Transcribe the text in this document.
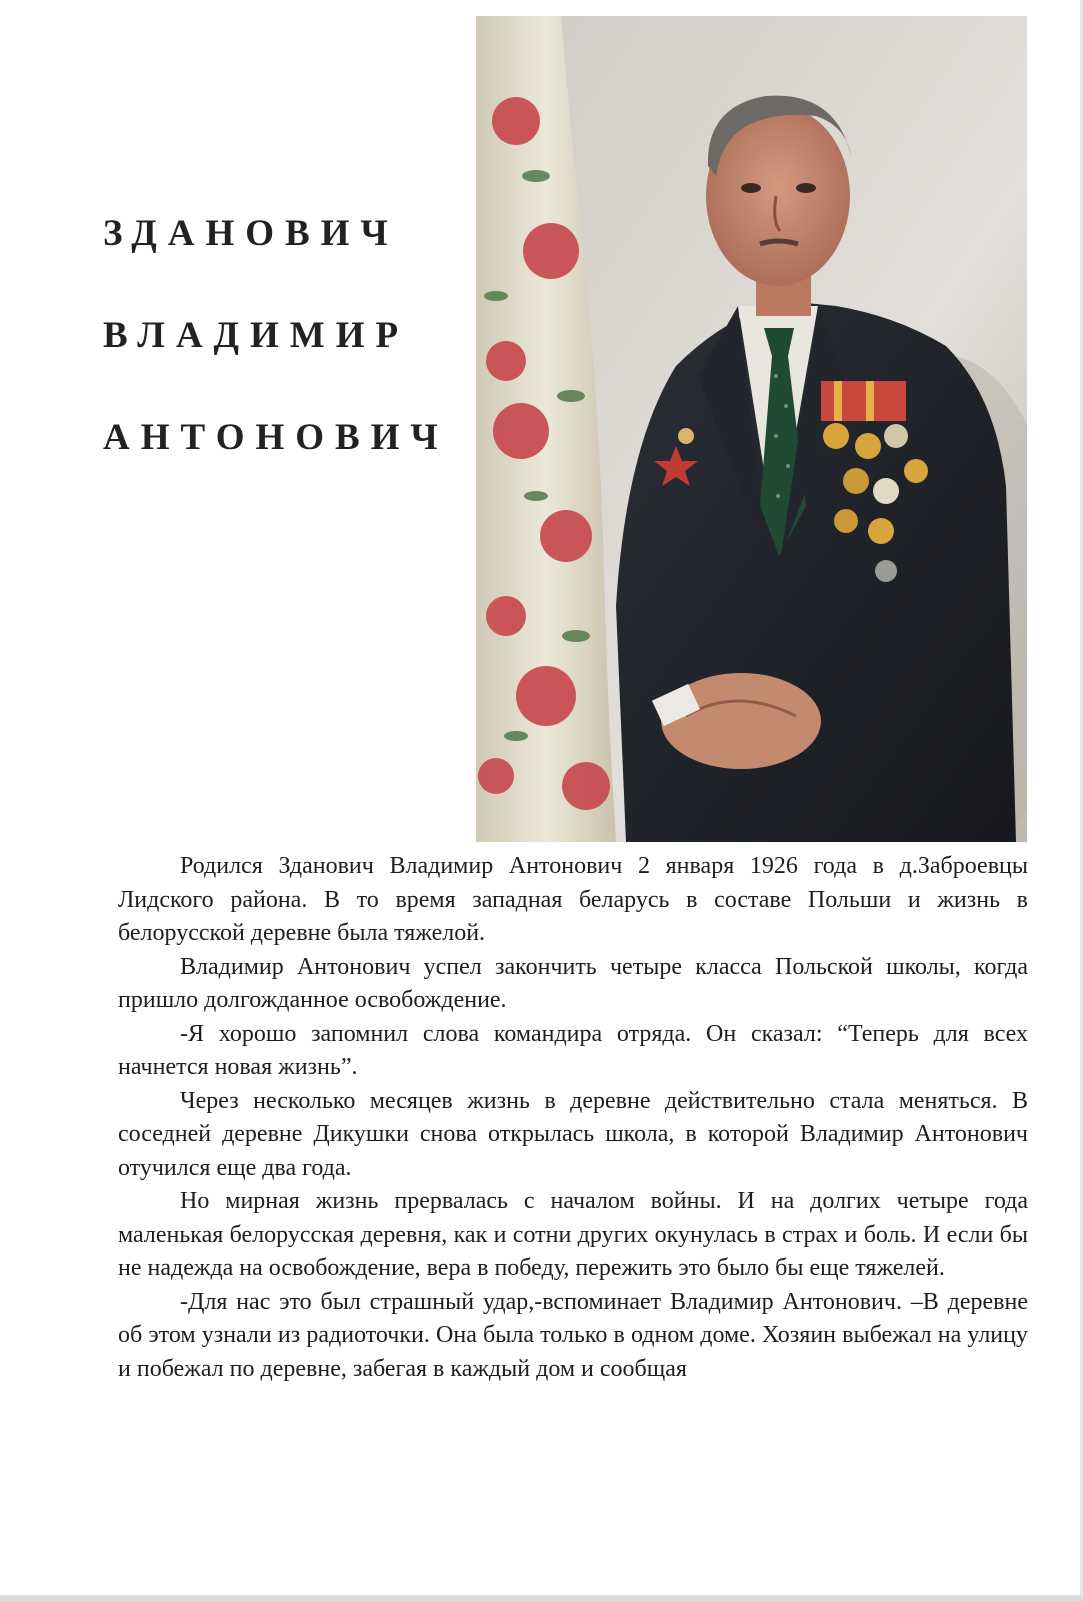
ЗДАНОВИЧ
ВЛАДИМИР
АНТОНОВИЧ

Родился Зданович Владимир Антонович 2 января 1926 года в д.Заброевцы Лидского района. В то время западная беларусь в составе Польши и жизнь в белорусской деревне была тяжелой.

Владимир Антонович успел закончить четыре класса Польской школы, когда пришло долгожданное освобождение.

-Я хорошо запомнил слова командира отряда. Он сказал: “Теперь для всех начнется новая жизнь”.

Через несколько месяцев жизнь в деревне действительно стала меняться. В соседней деревне Дикушки снова открылась школа, в которой Владимир Антонович отучился еще два года.

Но мирная жизнь прервалась с началом войны. И на долгих четыре года маленькая белорусская деревня, как и сотни других окунулась в страх и боль. И если бы не надежда на освобождение, вера в победу, пережить это было бы еще тяжелей.

-Для нас это был страшный удар,-вспоминает Владимир Антонович. –В деревне об этом узнали из радиоточки. Она была только в одном доме. Хозяин выбежал на улицу и побежал по деревне, забегая в каждый дом и сообщая
